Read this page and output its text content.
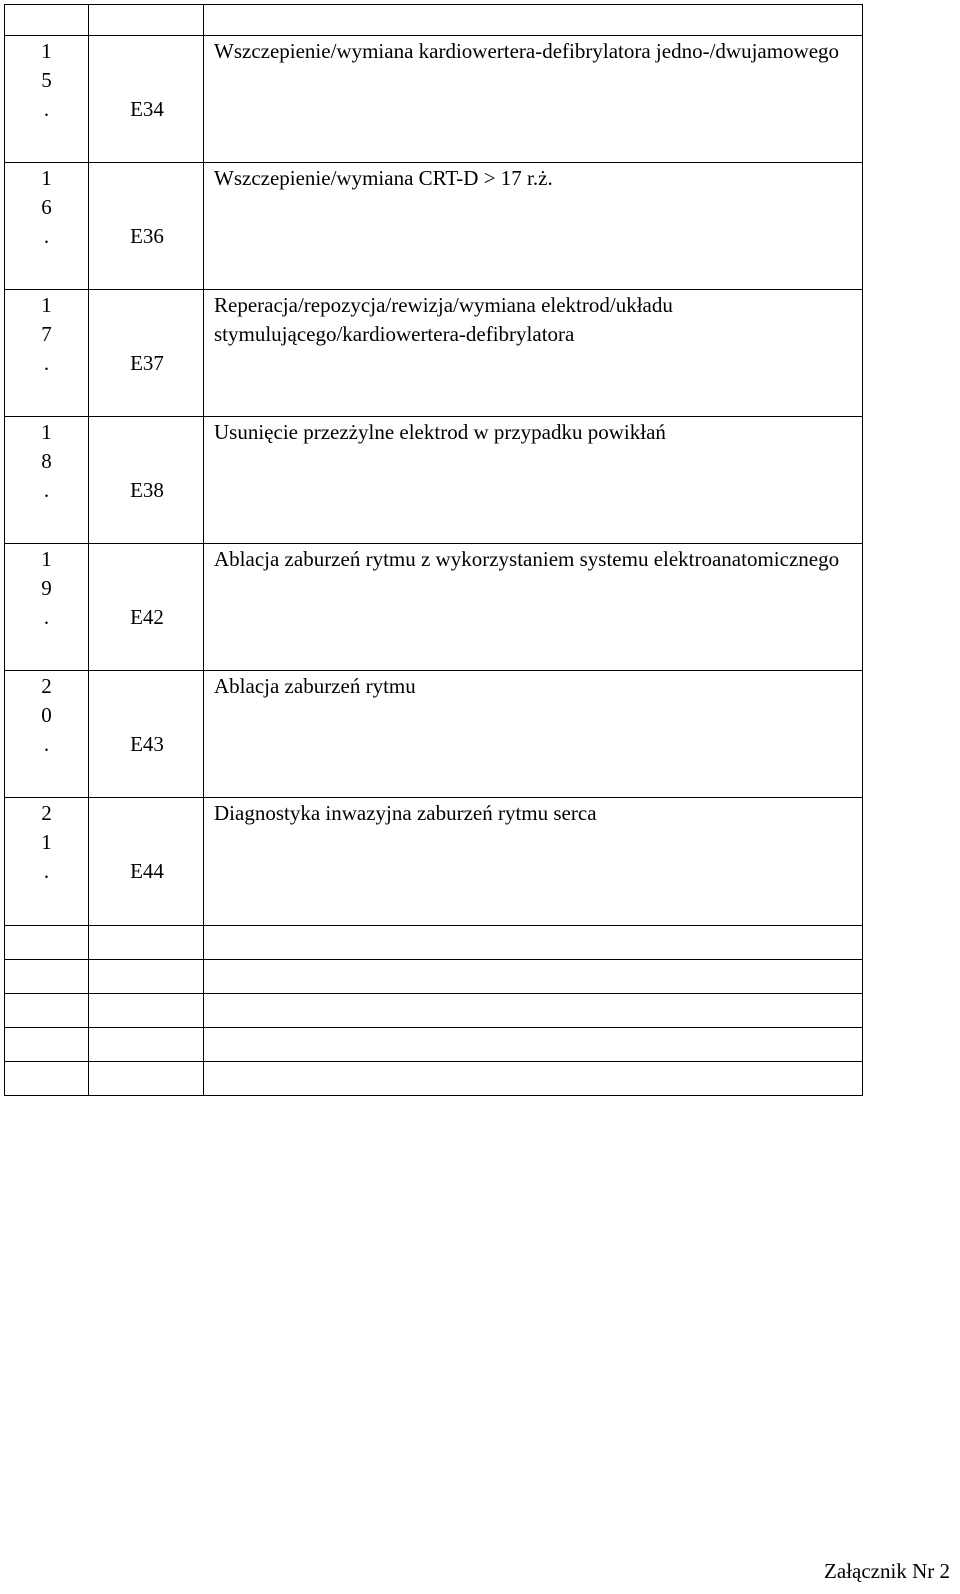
1
5
.	E34	Wszczepienie/wymiana kardiowertera-defibrylatora jedno-/dwujamowego

1
6
.	E36	Wszczepienie/wymiana CRT-D > 17 r.ż.

1
7
.	E37	Reperacja/repozycja/rewizja/wymiana elektrod/układu stymulującego/kardiowertera-defibrylatora

1
8
.	E38	Usunięcie przezżylne elektrod w przypadku powikłań

1
9
.	E42	Ablacja zaburzeń rytmu z wykorzystaniem systemu elektroanatomicznego

2
0
.	E43	Ablacja zaburzeń rytmu

2
1
.	E44	Diagnostyka inwazyjna zaburzeń rytmu serca

Załącznik Nr 2
